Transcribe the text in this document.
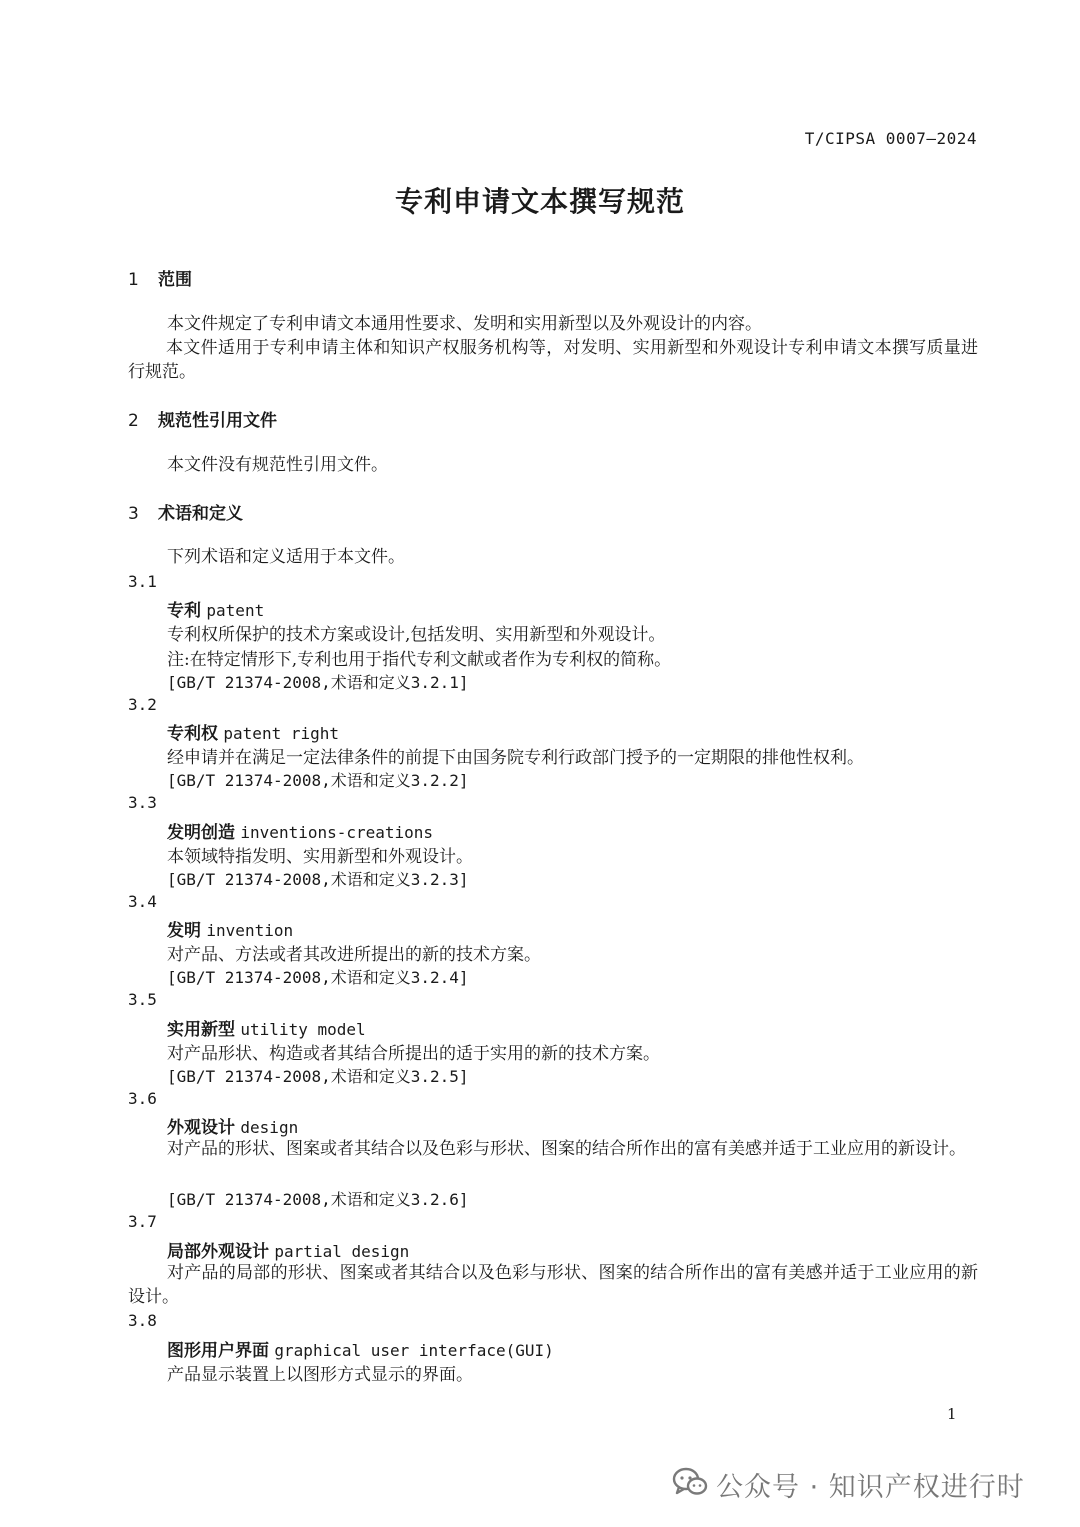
T/CIPSA 0007—2024
专利申请文本撰写规范
1 范围
本文件规定了专利申请文本通用性要求、发明和实用新型以及外观设计的内容。
本文件适用于专利申请主体和知识产权服务机构等，对发明、实用新型和外观设计专利申请文本撰写质量进行规范。
2 规范性引用文件
本文件没有规范性引用文件。
3 术语和定义
下列术语和定义适用于本文件。
3.1
专利 patent
专利权所保护的技术方案或设计,包括发明、实用新型和外观设计。
注:在特定情形下,专利也用于指代专利文献或者作为专利权的简称。
[GB/T 21374-2008,术语和定义3.2.1]
3.2
专利权 patent right
经申请并在满足一定法律条件的前提下由国务院专利行政部门授予的一定期限的排他性权利。
[GB/T 21374-2008,术语和定义3.2.2]
3.3
发明创造 inventions-creations
本领域特指发明、实用新型和外观设计。
[GB/T 21374-2008,术语和定义3.2.3]
3.4
发明 invention
对产品、方法或者其改进所提出的新的技术方案。
[GB/T 21374-2008,术语和定义3.2.4]
3.5
实用新型 utility model
对产品形状、构造或者其结合所提出的适于实用的新的技术方案。
[GB/T 21374-2008,术语和定义3.2.5]
3.6
外观设计 design
对产品的形状、图案或者其结合以及色彩与形状、图案的结合所作出的富有美感并适于工业应用的新设计。
[GB/T 21374-2008,术语和定义3.2.6]
3.7
局部外观设计 partial design
对产品的局部的形状、图案或者其结合以及色彩与形状、图案的结合所作出的富有美感并适于工业应用的新设计。
3.8
图形用户界面 graphical user interface(GUI)
产品显示装置上以图形方式显示的界面。
1
公众号 · 知识产权进行时
